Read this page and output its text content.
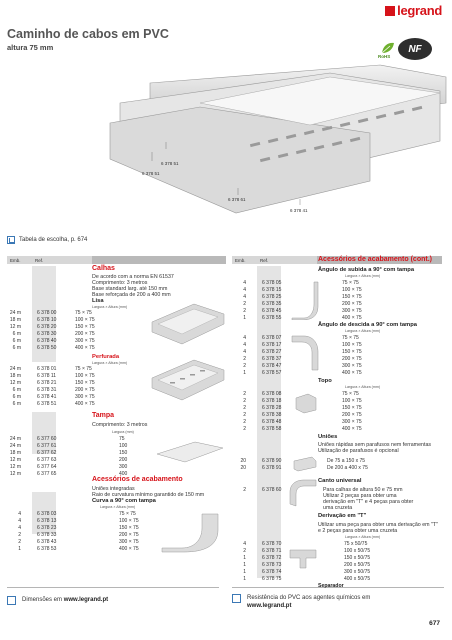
legrand
Caminho de cabos em PVC
altura 75 mm
RoHS
NF
6 378 51
6 378 51
6 378 61
6 378 41
Tabela de escolha, p. 674
Emb.	Ref.	Emb.	Ref.
Calhas
De acordo com a norma EN 61537
Comprimento: 3 metros
Base standard larg. até 150 mm
Base reforçada de 200 a 400 mm
Lisa
Largura × Altura (mm)
24 m	6 378 00	75 × 75
18 m	6 378 10	100 × 75
12 m	6 378 20	150 × 75
6 m	6 378 30	200 × 75
6 m	6 378 40	300 × 75
6 m	6 378 50	400 × 75
Perfurada
Largura × Altura (mm)
24 m	6 378 01	75 × 75
18 m	6 378 11	100 × 75
12 m	6 378 21	150 × 75
6 m	6 378 31	200 × 75
6 m	6 378 41	300 × 75
6 m	6 378 51	400 × 75
Tampa
Comprimento: 3 metros
Largura (mm)
24 m	6 377 60	75
24 m	6 377 61	100
18 m	6 377 62	150
12 m	6 377 63	200
12 m	6 377 64	300
12 m	6 377 65	400
Acessórios de acabamento
Uniões integradas
Raio de curvatura mínimo garantido de 150 mm
Curva a 90° com tampa
Largura × Altura (mm)
4	6 378 03	75 × 75
4	6 378 13	100 × 75
4	6 378 23	150 × 75
2	6 378 33	200 × 75
2	6 378 43	300 × 75
1	6 378 53	400 × 75
Acessórios de acabamento (cont.)
Ângulo de subida a 90° com tampa
Largura × Altura (mm)
4	6 378 05	75 × 75
4	6 378 15	100 × 75
4	6 378 25	150 × 75
2	6 378 35	200 × 75
2	6 378 45	300 × 75
1	6 378 55	400 × 75
Ângulo de descida a 90° com tampa
Largura × Altura (mm)
4	6 378 07	75 × 75
4	6 378 17	100 × 75
4	6 378 27	150 × 75
2	6 378 37	200 × 75
2	6 378 47	300 × 75
1	6 378 57	400 × 75
Topo
Largura × Altura (mm)
2	6 378 08	75 × 75
2	6 378 18	100 × 75
2	6 378 28	150 × 75
2	6 378 38	200 × 75
2	6 378 48	300 × 75
2	6 378 58	400 × 75
Uniões
Uniões rápidas sem parafusos nem ferramentas
Utilização de parafusos é opcional
20	6 378 90	De 75 a 150 x 75
20	6 378 91	De 200 a 400 x 75
Canto universal
2	6 378 60	Para calhas de altura 50 e 75 mm
Utilizar 2 peças para obter uma
derivação em "T" e 4 peças para obter
uma cruzeta
Derivação em "T"
Utilizar uma peça para obter uma derivação em "T"
e 2 peças para obter uma cruzeta
Largura × Altura (mm)
4	6 378 70	75 x 50/75
2	6 378 71	100 x 50/75
1	6 378 72	150 x 50/75
1	6 378 73	200 x 50/75
1	6 378 74	300 x 50/75
1	6 378 75	400 x 50/75
Dimensões em www.legrand.pt	Resistência do PVC aos agentes químicos em
www.legrand.pt
677
Separador
